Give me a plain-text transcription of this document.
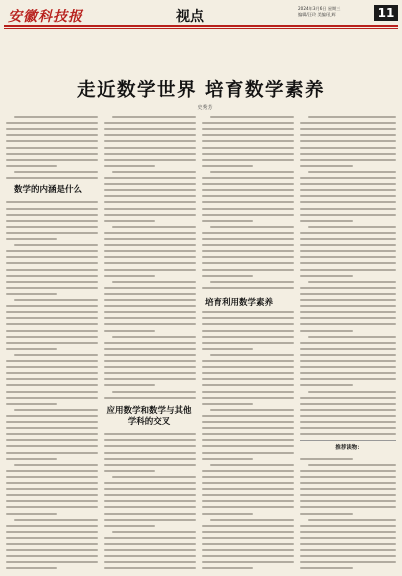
安徽科技报	视点
2024年3月6日 星期三
编辑/汪玲 美编/孔辉	11
走近数学世界 培育数学素养
史秀芳
数学的内涵是什么
培育利用数学素养
应用数学和数学与其他学科的交叉
推荐读物：
